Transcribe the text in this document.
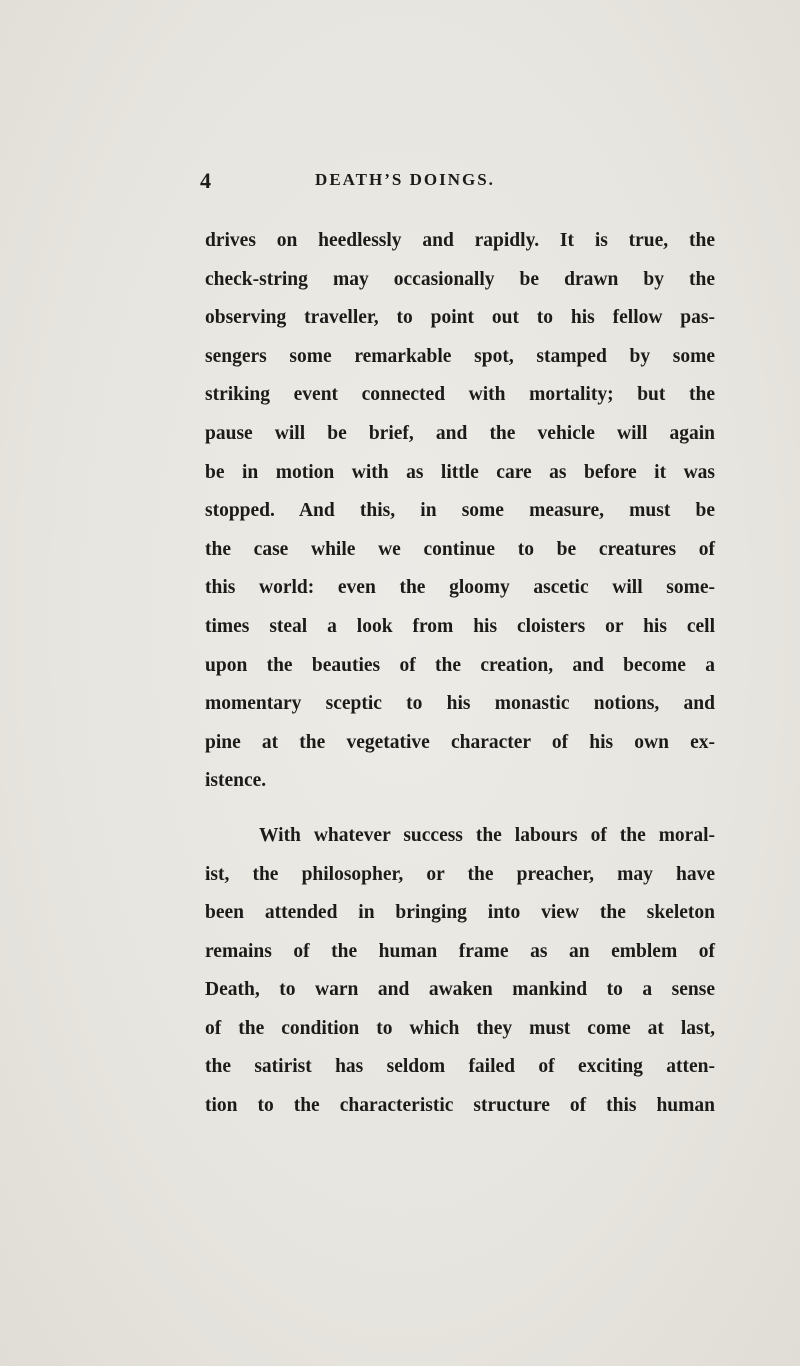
4	DEATH’S DOINGS.
drives on heedlessly and rapidly. It is true, the
check-string may occasionally be drawn by the
observing traveller, to point out to his fellow pas-
sengers some remarkable spot, stamped by some
striking event connected with mortality; but the
pause will be brief, and the vehicle will again
be in motion with as little care as before it was
stopped. And this, in some measure, must be
the case while we continue to be creatures of
this world: even the gloomy ascetic will some-
times steal a look from his cloisters or his cell
upon the beauties of the creation, and become a
momentary sceptic to his monastic notions, and
pine at the vegetative character of his own ex-
istence.
With whatever success the labours of the moral-
ist, the philosopher, or the preacher, may have
been attended in bringing into view the skeleton
remains of the human frame as an emblem of
Death, to warn and awaken mankind to a sense
of the condition to which they must come at last,
the satirist has seldom failed of exciting atten-
tion to the characteristic structure of this human
